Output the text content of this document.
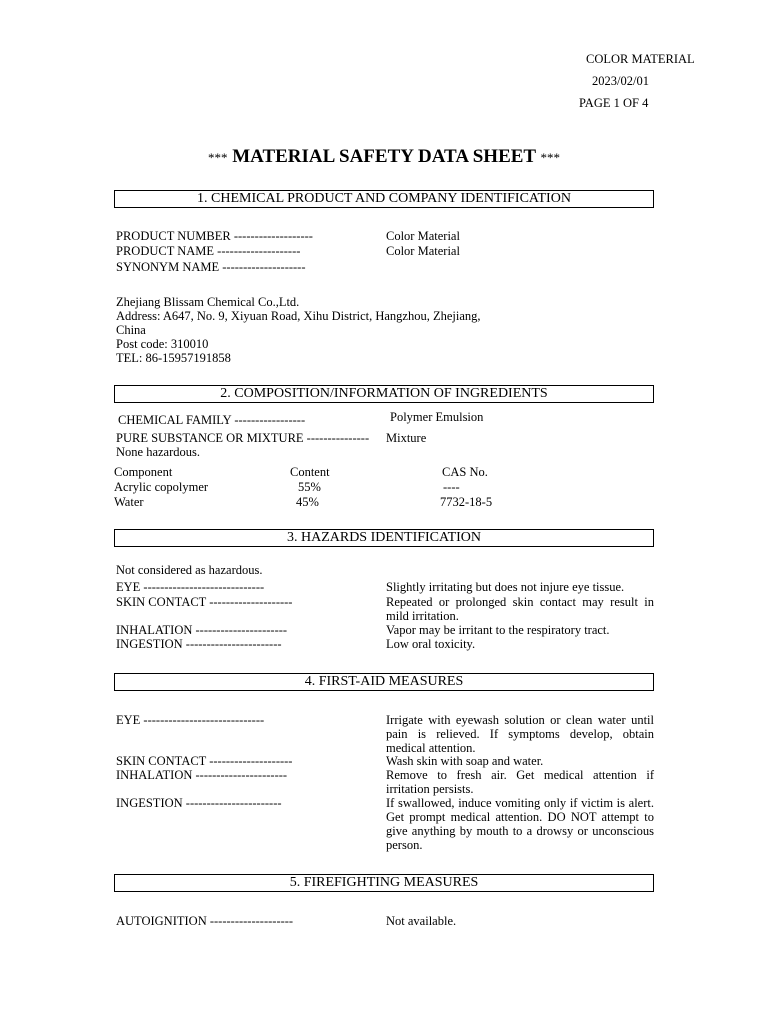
COLOR MATERIAL
2023/02/01
PAGE 1 OF 4
*** MATERIAL SAFETY DATA SHEET ***
1. CHEMICAL PRODUCT AND COMPANY IDENTIFICATION
PRODUCT NUMBER -------------------	Color Material
PRODUCT NAME --------------------	Color Material
SYNONYM NAME --------------------
Zhejiang Blissam Chemical Co.,Ltd.
Address: A647, No. 9, Xiyuan Road, Xihu District, Hangzhou, Zhejiang,
China
Post code: 310010
TEL: 86-15957191858
2. COMPOSITION/INFORMATION OF INGREDIENTS
CHEMICAL FAMILY -----------------	Polymer Emulsion
PURE SUBSTANCE OR MIXTURE --------------- Mixture
None hazardous.
Component	Content	CAS No.
Acrylic copolymer	55%	----
Water	45%	7732-18-5
3. HAZARDS IDENTIFICATION
Not considered as hazardous.
EYE -----------------------------	Slightly irritating but does not injure eye tissue.
SKIN CONTACT --------------------	Repeated or prolonged skin contact may result in mild irritation.
INHALATION ----------------------	Vapor may be irritant to the respiratory tract.
INGESTION -----------------------	Low oral toxicity.
4. FIRST-AID MEASURES
EYE -----------------------------	Irrigate with eyewash solution or clean water until pain is relieved. If symptoms develop, obtain medical attention.
SKIN CONTACT --------------------	Wash skin with soap and water.
INHALATION ----------------------	Remove to fresh air. Get medical attention if irritation persists.
INGESTION -----------------------	If swallowed, induce vomiting only if victim is alert. Get prompt medical attention. DO NOT attempt to give anything by mouth to a drowsy or unconscious person.
5. FIREFIGHTING MEASURES
AUTOIGNITION --------------------	Not available.
